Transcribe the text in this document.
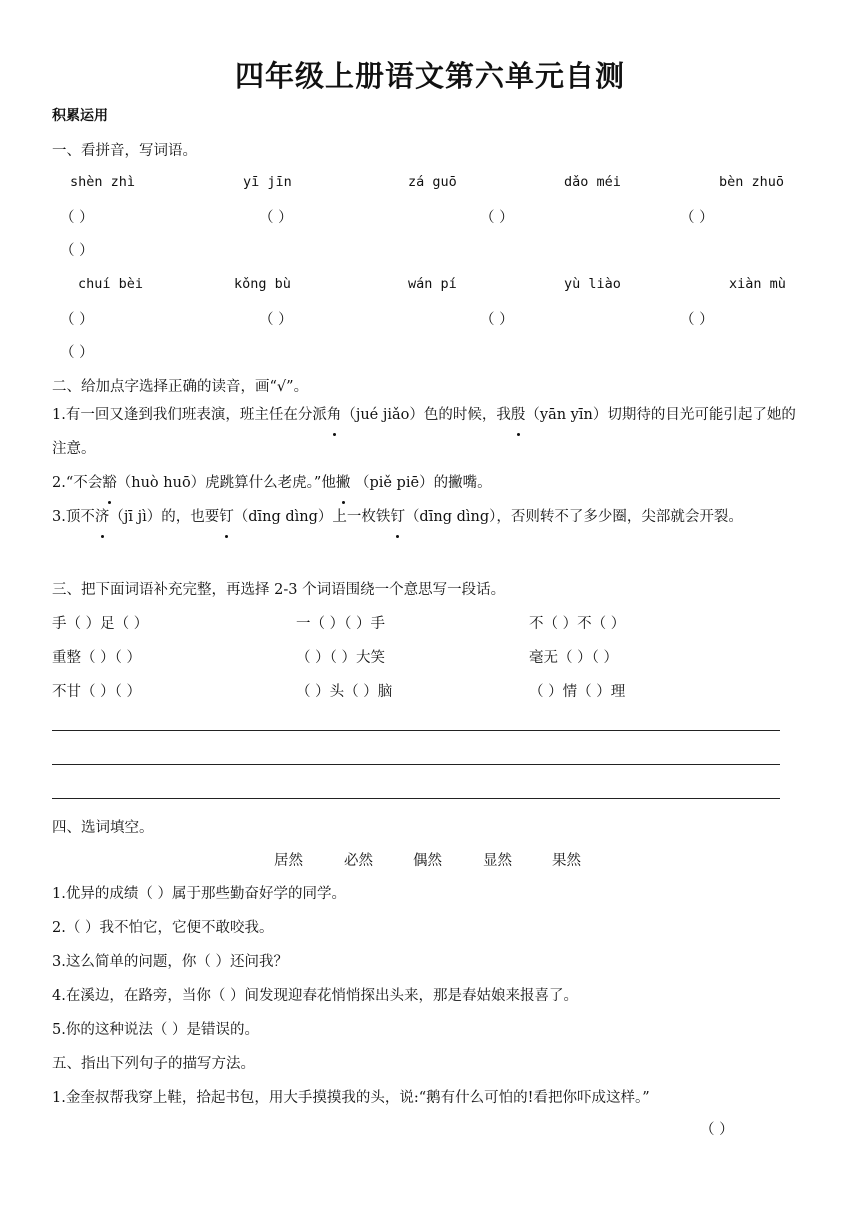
四年级上册语文第六单元自测
积累运用
一、看拼音，写词语。
shèn zhì	yī jīn	zá guō	dǎo méi	bèn zhuō
（ ）	（ ）	（ ）	（ ）
（ ）
chuí bèi	kǒng bù	wán pí	yù liào	xiàn mù
（ ）	（ ）	（ ）	（ ）
（ ）
二、给加点字选择正确的读音，画“√”。
1.有一回又逢到我们班表演，班主任在分派角（jué jiǎo）色的时候，我殷（yān yīn）切期待的目光可能引起了她的注意。
2.“不会豁（huò huō）虎跳算什么老虎。”他撇 （piě piē）的撇嘴。
3.顶不济（jī jì）的，也要钉（dīng dìng）上一枚铁钉（dīng dìng），否则转不了多少圈，尖部就会开裂。
三、把下面词语补充完整，再选择 2-3 个词语围绕一个意思写一段话。
手（ ）足（ ）	一（ ）（ ）手	不（ ）不（ ）
重整（ ）（ ）	（ ）（ ）大笑	毫无（ ）（ ）
不甘（ ）（ ）	（ ）头（ ）脑	（ ）情（ ）理
四、选词填空。
居然	必然	偶然	显然	果然
1.优异的成绩（ ）属于那些勤奋好学的同学。
2.（ ）我不怕它，它便不敢咬我。
3.这么简单的问题，你（ ）还问我？
4.在溪边，在路旁，当你（ ）间发现迎春花悄悄探出头来，那是春姑娘来报喜了。
5.你的这种说法（ ）是错误的。
五、指出下列句子的描写方法。
1.金奎叔帮我穿上鞋，拾起书包，用大手摸摸我的头，说:“鹅有什么可怕的!看把你吓成这样。”
（ ）
